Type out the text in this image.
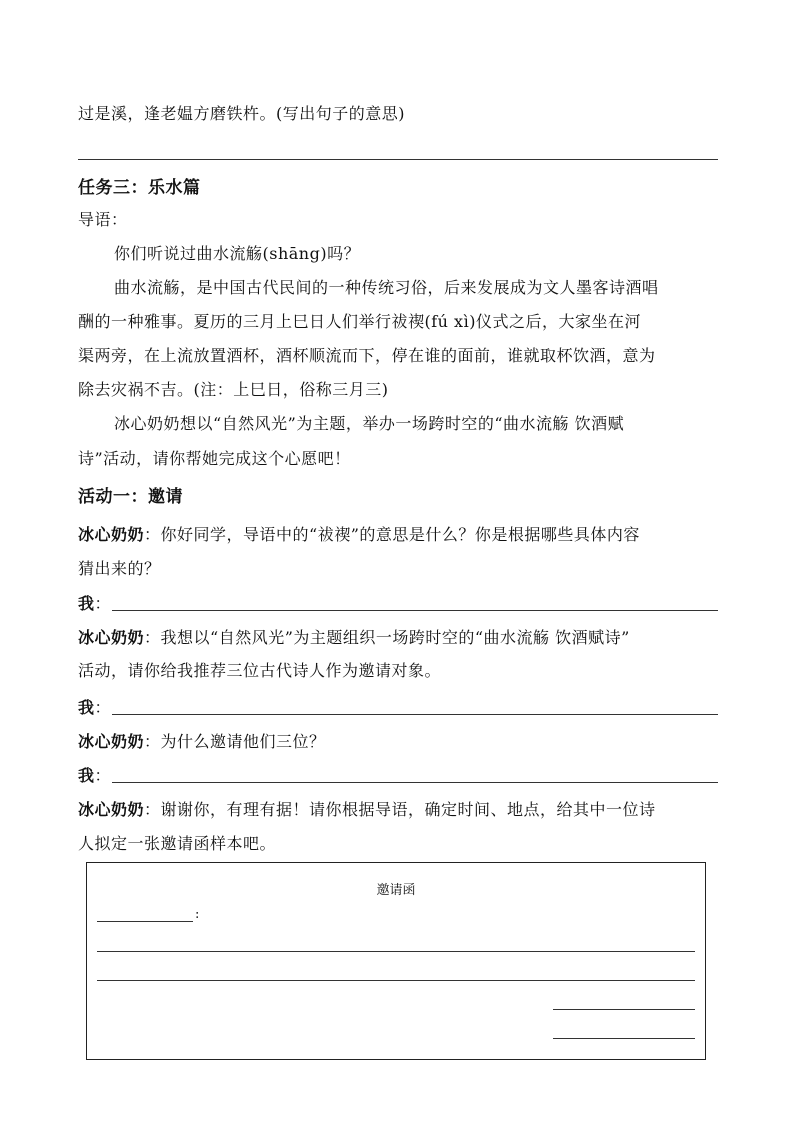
过是溪，逢老媪方磨铁杵。(写出句子的意思)
任务三：乐水篇
导语：
你们听说过曲水流觞(shāng)吗？
曲水流觞，是中国古代民间的一种传统习俗，后来发展成为文人墨客诗酒唱
酬的一种雅事。夏历的三月上巳日人们举行祓禊(fú xì)仪式之后，大家坐在河
渠两旁，在上流放置酒杯，酒杯顺流而下，停在谁的面前，谁就取杯饮酒，意为
除去灾祸不吉。(注：上巳日，俗称三月三)
冰心奶奶想以“自然风光”为主题，举办一场跨时空的“曲水流觞 饮酒赋
诗”活动，请你帮她完成这个心愿吧！
活动一：邀请
冰心奶奶：你好同学，导语中的“祓禊”的意思是什么？你是根据哪些具体内容
猜出来的？
我：
冰心奶奶：我想以“自然风光”为主题组织一场跨时空的“曲水流觞 饮酒赋诗”
活动，请你给我推荐三位古代诗人作为邀请对象。
我：
冰心奶奶：为什么邀请他们三位？
我：
冰心奶奶：谢谢你，有理有据！请你根据导语，确定时间、地点，给其中一位诗
人拟定一张邀请函样本吧。
邀请函
:
